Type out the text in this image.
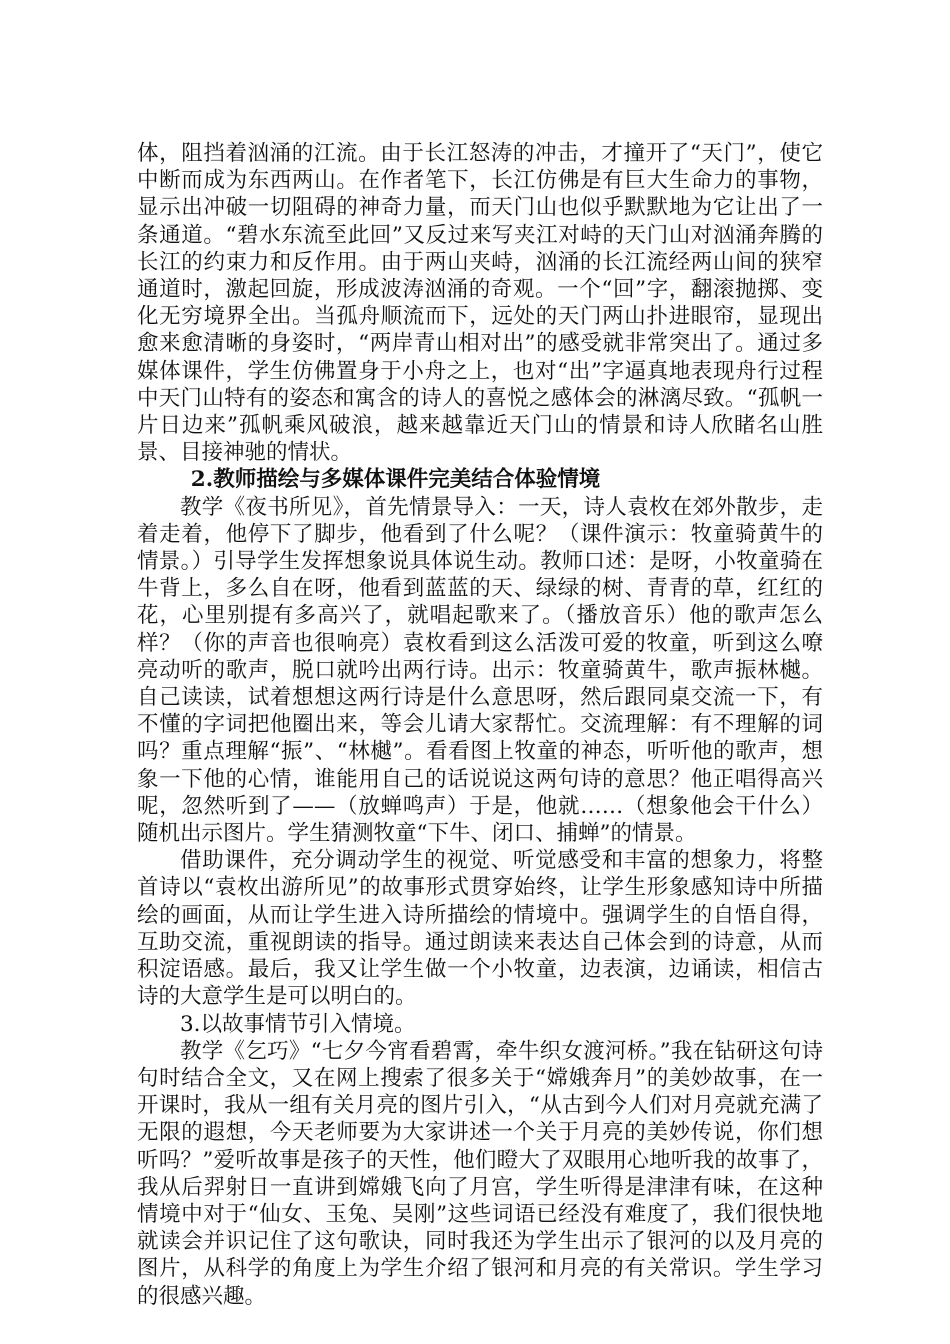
体，阻挡着汹涌的江流。由于长江怒涛的冲击，才撞开了“天门”，使它中断而成为东西两山。在作者笔下，长江仿佛是有巨大生命力的事物，显示出冲破一切阻碍的神奇力量，而天门山也似乎默默地为它让出了一条通道。“碧水东流至此回”又反过来写夹江对峙的天门山对汹涌奔腾的长江的约束力和反作用。由于两山夹峙，汹涌的长江流经两山间的狭窄通道时，激起回旋，形成波涛汹涌的奇观。一个“回”字，翻滚抛掷、变化无穷境界全出。当孤舟顺流而下，远处的天门两山扑进眼帘，显现出愈来愈清晰的身姿时，“两岸青山相对出”的感受就非常突出了。通过多媒体课件，学生仿佛置身于小舟之上，也对“出”字逼真地表现舟行过程中天门山特有的姿态和寓含的诗人的喜悦之感体会的淋漓尽致。“孤帆一片日边来”孤帆乘风破浪，越来越靠近天门山的情景和诗人欣睹名山胜景、目接神驰的情状。

2.教师描绘与多媒体课件完美结合体验情境

教学《夜书所见》，首先情景导入：一天，诗人袁枚在郊外散步，走着走着，他停下了脚步，他看到了什么呢？（课件演示：牧童骑黄牛的情景。）引导学生发挥想象说具体说生动。教师口述：是呀，小牧童骑在牛背上，多么自在呀，他看到蓝蓝的天、绿绿的树、青青的草，红红的花，心里别提有多高兴了，就唱起歌来了。（播放音乐）他的歌声怎么样？（你的声音也很响亮）袁枚看到这么活泼可爱的牧童，听到这么嘹亮动听的歌声，脱口就吟出两行诗。出示：牧童骑黄牛，歌声振林樾。自己读读，试着想想这两行诗是什么意思呀，然后跟同桌交流一下，有不懂的字词把他圈出来，等会儿请大家帮忙。交流理解：有不理解的词吗？重点理解“振”、“林樾”。看看图上牧童的神态，听听他的歌声，想象一下他的心情，谁能用自己的话说说这两句诗的意思？他正唱得高兴呢，忽然听到了——（放蝉鸣声）于是，他就……（想象他会干什么）随机出示图片。学生猜测牧童“下牛、闭口、捕蝉”的情景。

借助课件，充分调动学生的视觉、听觉感受和丰富的想象力，将整首诗以“袁枚出游所见”的故事形式贯穿始终，让学生形象感知诗中所描绘的画面，从而让学生进入诗所描绘的情境中。强调学生的自悟自得，互助交流，重视朗读的指导。通过朗读来表达自己体会到的诗意，从而积淀语感。最后，我又让学生做一个小牧童，边表演，边诵读，相信古诗的大意学生是可以明白的。

3.以故事情节引入情境。

教学《乞巧》“七夕今宵看碧霄，牵牛织女渡河桥。”我在钻研这句诗句时结合全文，又在网上搜索了很多关于“嫦娥奔月”的美妙故事，在一开课时，我从一组有关月亮的图片引入，“从古到今人们对月亮就充满了无限的遐想，今天老师要为大家讲述一个关于月亮的美妙传说，你们想听吗？”爱听故事是孩子的天性，他们瞪大了双眼用心地听我的故事了，我从后羿射日一直讲到嫦娥飞向了月宫，学生听得是津津有味，在这种情境中对于“仙女、玉兔、吴刚”这些词语已经没有难度了，我们很快地就读会并识记住了这句歌诀，同时我还为学生出示了银河的以及月亮的图片，从科学的角度上为学生介绍了银河和月亮的有关常识。学生学习的很感兴趣。
